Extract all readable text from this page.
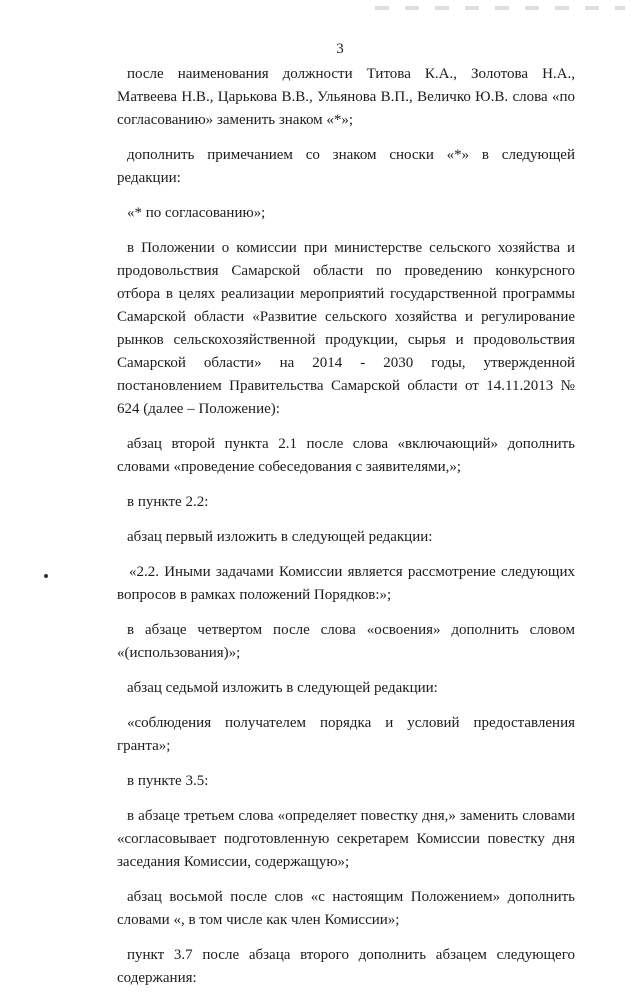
3

после наименования должности Титова К.А., Золотова Н.А., Матвеева Н.В., Царькова В.В., Ульянова В.П., Величко Ю.В. слова «по согласованию» заменить знаком «*»;

дополнить примечанием со знаком сноски «*» в следующей редакции:

«* по согласованию»;

в Положении о комиссии при министерстве сельского хозяйства и продовольствия Самарской области по проведению конкурсного отбора в целях реализации мероприятий государственной программы Самарской области «Развитие сельского хозяйства и регулирование рынков сельскохозяйственной продукции, сырья и продовольствия Самарской области» на 2014 - 2030 годы, утвержденной постановлением Правительства Самарской области от 14.11.2013 № 624 (далее – Положение):

абзац второй пункта 2.1 после слова «включающий» дополнить словами «проведение собеседования с заявителями,»;

в пункте 2.2:

абзац первый изложить в следующей редакции:

«2.2. Иными задачами Комиссии является рассмотрение следующих вопросов в рамках положений Порядков:»;

в абзаце четвертом после слова «освоения» дополнить словом «(использования)»;

абзац седьмой изложить в следующей редакции:

«соблюдения получателем порядка и условий предоставления гранта»;

в пункте 3.5:

в абзаце третьем слова «определяет повестку дня,» заменить словами «согласовывает подготовленную секретарем Комиссии повестку дня заседания Комиссии, содержащую»;

абзац восьмой после слов «с настоящим Положением» дополнить словами «, в том числе как член Комиссии»;

пункт 3.7 после абзаца второго дополнить абзацем следующего содержания:
